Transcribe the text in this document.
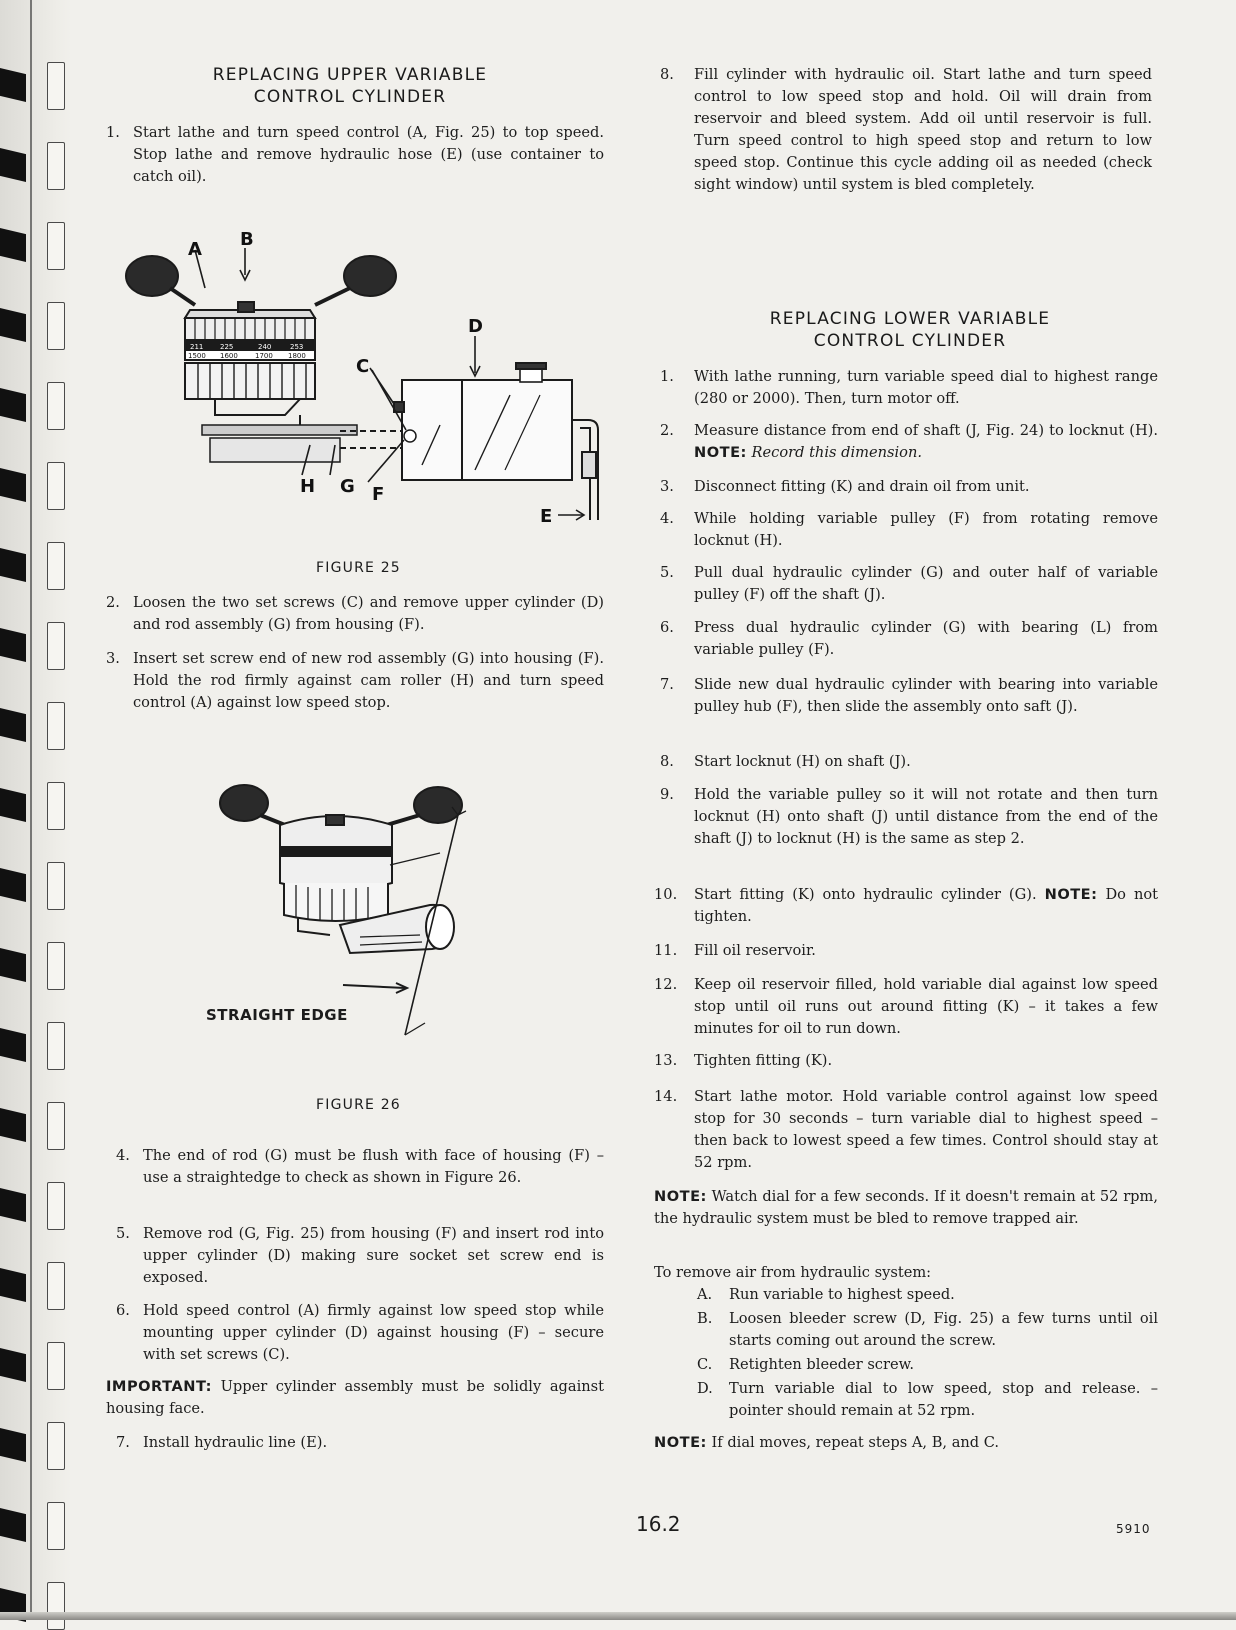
REPLACING UPPER VARIABLE
CONTROL CYLINDER
1. Start lathe and turn speed control (A, Fig. 25) to top speed. Stop lathe and remove hydraulic hose (E) (use container to catch oil).
211 225	240	253
1500 1600 1700 1800
A B
C
D
E
F
G
H
FIGURE 25
2. Loosen the two set screws (C) and remove upper cylinder (D) and rod assembly (G) from housing (F).
3. Insert set screw end of new rod assembly (G) into housing (F). Hold the rod firmly against cam roller (H) and turn speed control (A) against low speed stop.
STRAIGHT EDGE
FIGURE 26
4. The end of rod (G) must be flush with face of housing (F) – use a straightedge to check as shown in Figure 26.
5. Remove rod (G, Fig. 25) from housing (F) and insert rod into upper cylinder (D) making sure socket set screw end is exposed.
6. Hold speed control (A) firmly against low speed stop while mounting upper cylinder (D) against housing (F) – secure with set screws (C).
IMPORTANT: Upper cylinder assembly must be solidly against housing face.
7. Install hydraulic line (E).
8.	Fill cylinder with hydraulic oil. Start lathe and turn speed control to low speed stop and hold. Oil will drain from reservoir and bleed system. Add oil until reservoir is full. Turn speed control to high speed stop and return to low speed stop. Continue this cycle adding oil as needed (check sight window) until system is bled completely.
REPLACING LOWER VARIABLE
CONTROL CYLINDER
1.	With lathe running, turn variable speed dial to highest range (280 or 2000). Then, turn motor off.
2.	Measure distance from end of shaft (J, Fig. 24) to locknut (H). NOTE: Record this dimension.
3.	Disconnect fitting (K) and drain oil from unit.
4.	While holding variable pulley (F) from rotating remove locknut (H).
5.	Pull dual hydraulic cylinder (G) and outer half of variable pulley (F) off the shaft (J).
6.	Press dual hydraulic cylinder (G) with bearing (L) from variable pulley (F).
7.	Slide new dual hydraulic cylinder with bearing into variable pulley hub (F), then slide the assembly onto saft (J).
8.	Start locknut (H) on shaft (J).
9.	Hold the variable pulley so it will not rotate and then turn locknut (H) onto shaft (J) until distance from the end of the shaft (J) to locknut (H) is the same as step 2.
10.	Start fitting (K) onto hydraulic cylinder (G). NOTE: Do not tighten.
11.	Fill oil reservoir.
12.	Keep oil reservoir filled, hold variable dial against low speed stop until oil runs out around fitting (K) – it takes a few minutes for oil to run down.
13.	Tighten fitting (K).
14.	Start lathe motor. Hold variable control against low speed stop for 30 seconds – turn variable dial to highest speed – then back to lowest speed a few times. Control should stay at 52 rpm.
NOTE: Watch dial for a few seconds. If it doesn't remain at 52 rpm, the hydraulic system must be bled to remove trapped air.
To remove air from hydraulic system:
A.	Run variable to highest speed.
B.	Loosen bleeder screw (D, Fig. 25) a few turns until oil starts coming out around the screw.
C.	Retighten bleeder screw.
D.	Turn variable dial to low speed, stop and release. – pointer should remain at 52 rpm.
NOTE: If dial moves, repeat steps A, B, and C.
16.2	5910
